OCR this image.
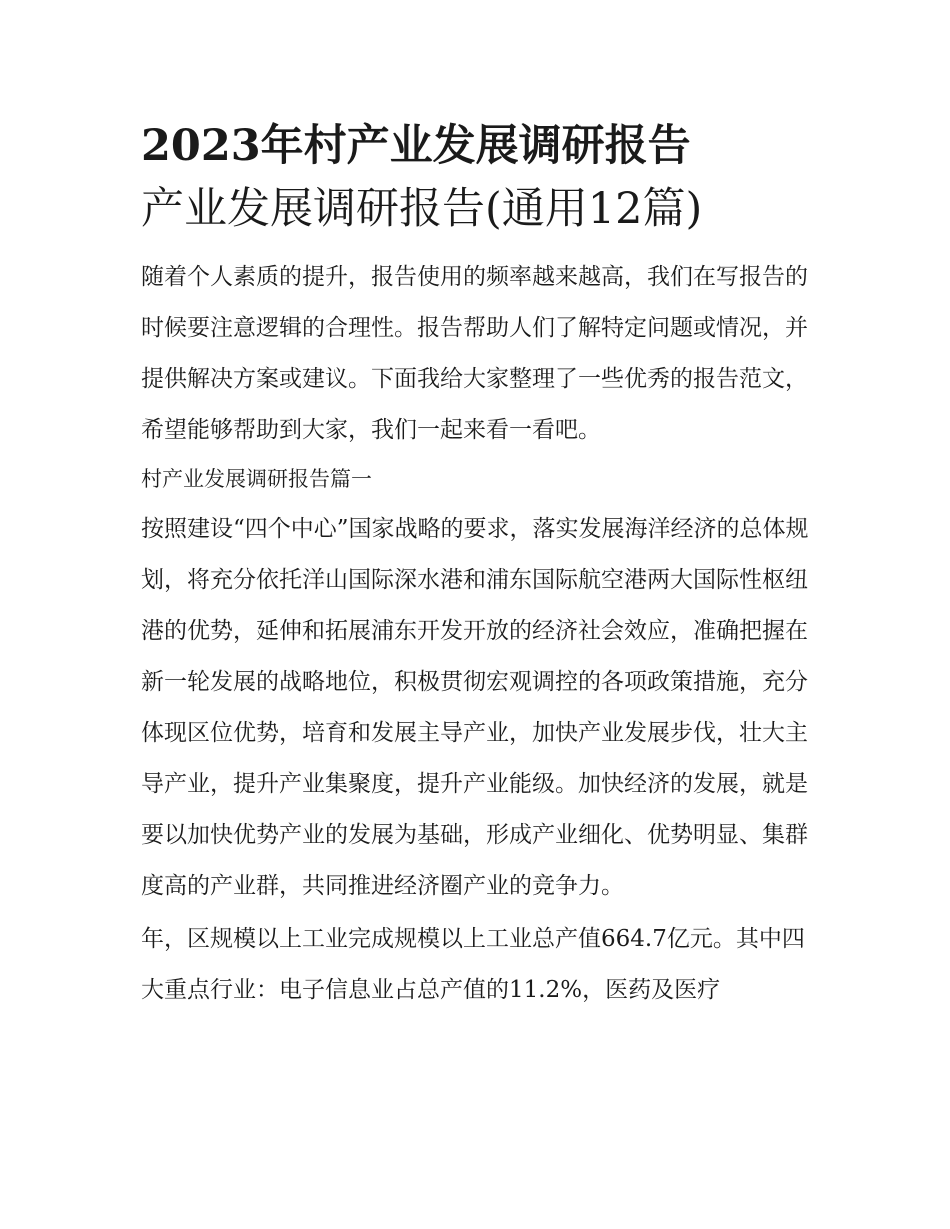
2023年村产业发展调研报告
产业发展调研报告(通用12篇)

随着个人素质的提升，报告使用的频率越来越高，我们在写报告的时候要注意逻辑的合理性。报告帮助人们了解特定问题或情况，并提供解决方案或建议。下面我给大家整理了一些优秀的报告范文，希望能够帮助到大家，我们一起来看一看吧。

村产业发展调研报告篇一

按照建设“四个中心”国家战略的要求，落实发展海洋经济的总体规划，将充分依托洋山国际深水港和浦东国际航空港两大国际性枢纽港的优势，延伸和拓展浦东开发开放的经济社会效应，准确把握在新一轮发展的战略地位，积极贯彻宏观调控的各项政策措施，充分体现区位优势，培育和发展主导产业，加快产业发展步伐，壮大主导产业，提升产业集聚度，提升产业能级。加快经济的发展，就是要以加快优势产业的发展为基础，形成产业细化、优势明显、集群度高的产业群，共同推进经济圈产业的竞争力。

年，区规模以上工业完成规模以上工业总产值664.7亿元。其中四大重点行业：电子信息业占总产值的11.2%，医药及医疗
